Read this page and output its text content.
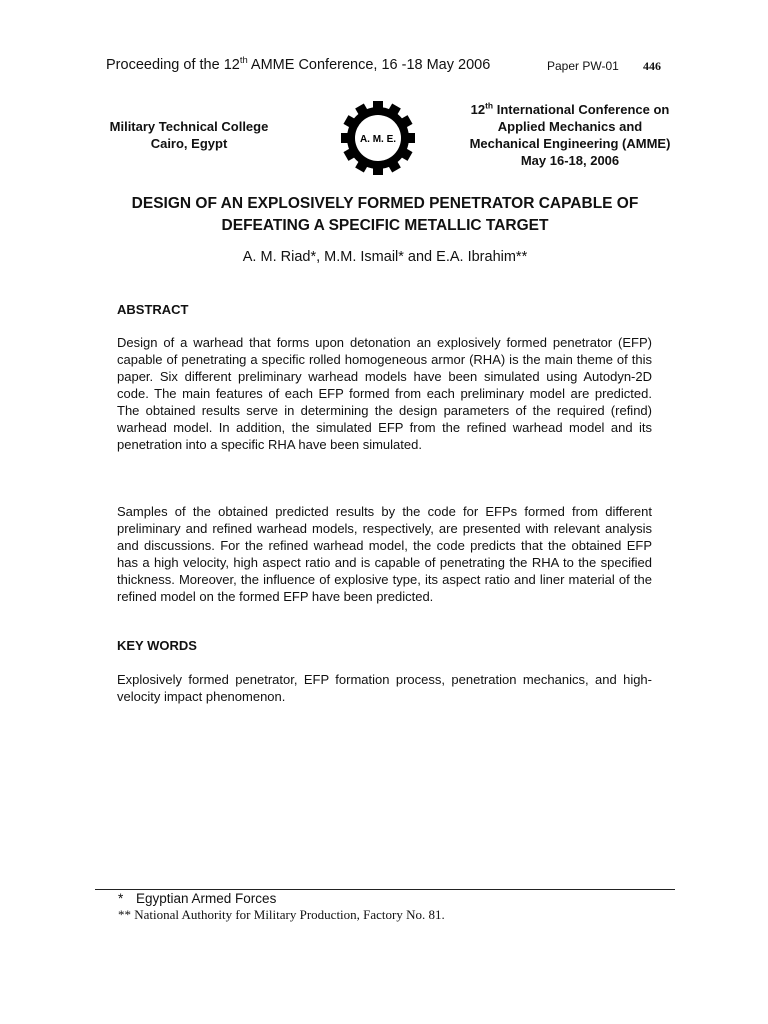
Proceeding of the 12th AMME Conference, 16 -18 May 2006	Paper PW-01 446
Military Technical College
Cairo, Egypt	A. M. E.
12th International Conference on
Applied Mechanics and
Mechanical Engineering (AMME)
May 16-18, 2006
DESIGN OF AN EXPLOSIVELY FORMED PENETRATOR CAPABLE OF
DEFEATING A SPECIFIC METALLIC TARGET
A. M. Riad*, M.M. Ismail* and E.A. Ibrahim**
ABSTRACT
Design of a warhead that forms upon detonation an explosively formed penetrator (EFP) capable of penetrating a specific rolled homogeneous armor (RHA) is the main theme of this paper. Six different preliminary warhead models have been simulated using Autodyn-2D code. The main features of each EFP formed from each preliminary model are predicted. The obtained results serve in determining the design parameters of the required (refind) warhead model. In addition, the simulated EFP from the refined warhead model and its penetration into a specific RHA have been simulated.
Samples of the obtained predicted results by the code for EFPs formed from different preliminary and refined warhead models, respectively, are presented with relevant analysis and discussions. For the refined warhead model, the code predicts that the obtained EFP has a high velocity, high aspect ratio and is capable of penetrating the RHA to the specified thickness. Moreover, the influence of explosive type, its aspect ratio and liner material of the refined model on the formed EFP have been predicted.
KEY WORDS
Explosively formed penetrator, EFP formation process, penetration mechanics, and high-velocity impact phenomenon.
* Egyptian Armed Forces
** National Authority for Military Production, Factory No. 81.
